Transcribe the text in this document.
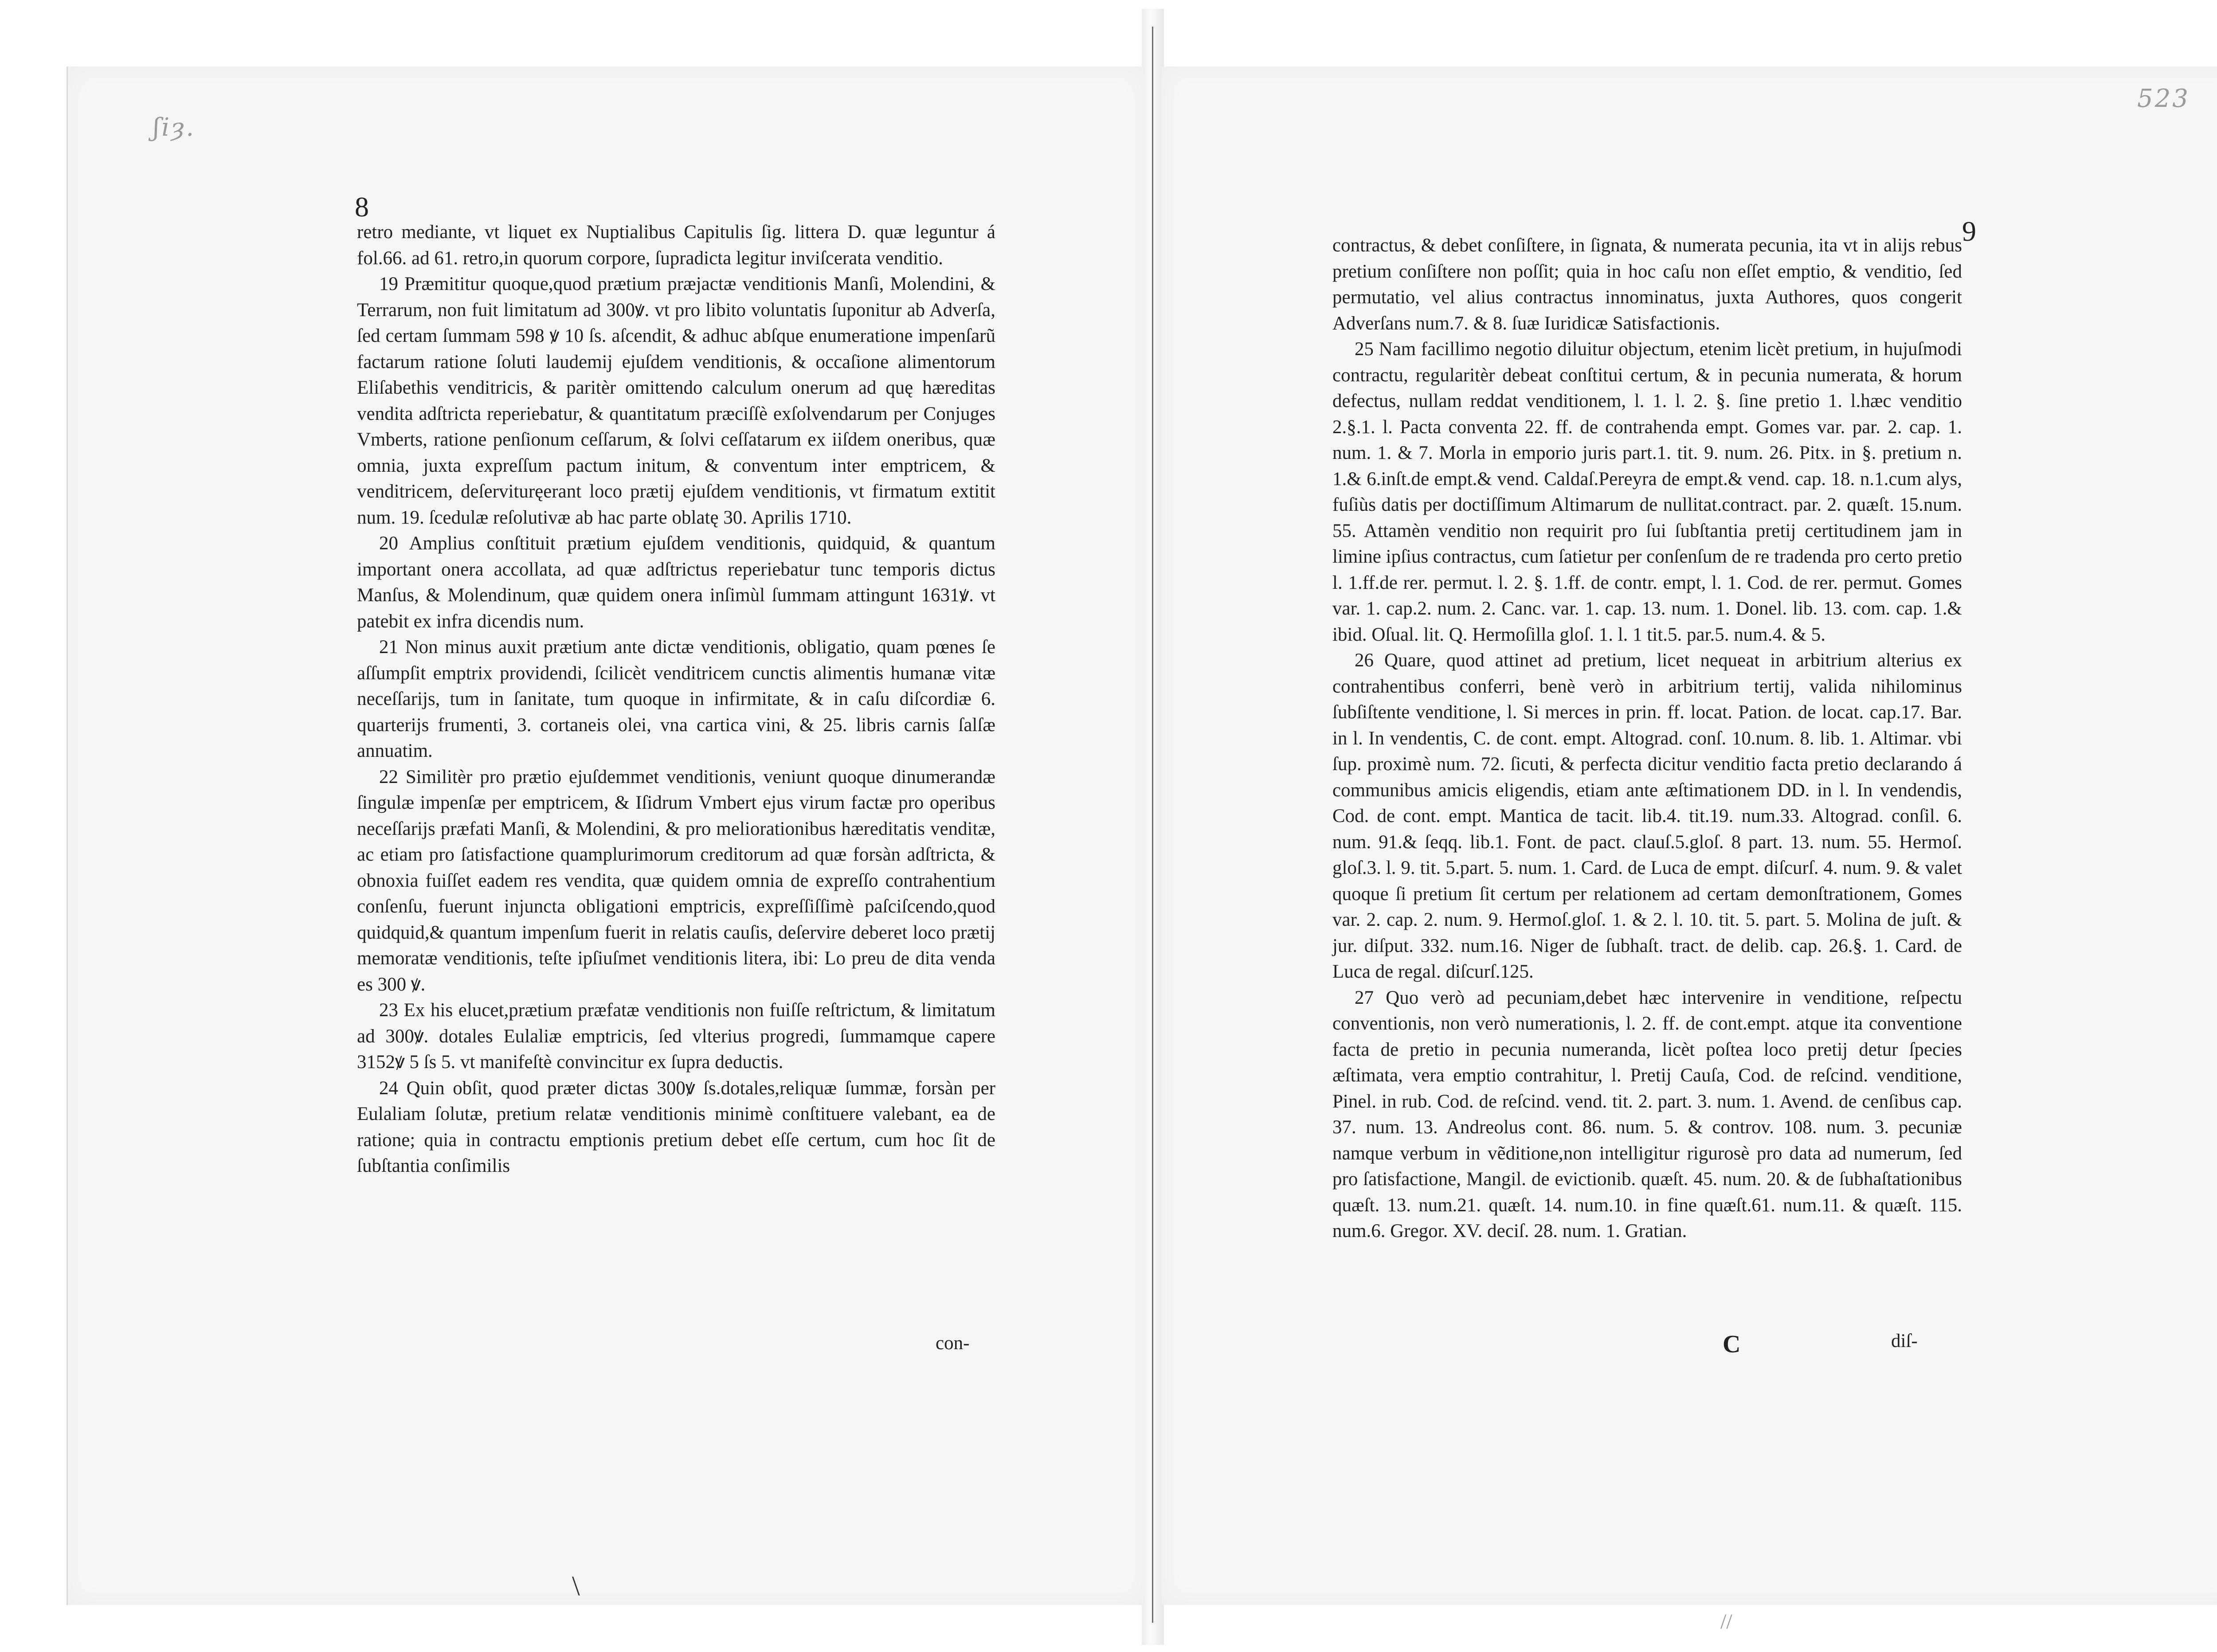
ʃiȝ.
8

retro mediante, vt liquet ex Nuptialibus Capitulis ſig. littera D. quæ leguntur á fol.66. ad 61. retro,in quorum corpore, ſupradicta legitur inviſcerata venditio.

19 Præmititur quoque,quod prætium præjactæ venditionis Manſi, Molendini, & Terrarum, non fuit limitatum ad 300ꝟ. vt pro libito voluntatis ſuponitur ab Adverſa, ſed certam ſummam 598 ꝟ 10 ſs. aſcendit, & adhuc abſque enumeratione impenſarũ factarum ratione ſoluti laudemij ejuſdem venditionis, & occaſione alimentorum Eliſabethis venditricis, & paritèr omittendo calculum onerum ad quę hæreditas vendita adſtricta reperiebatur, & quantitatum præciſſè exſolvendarum per Conjuges Vmberts, ratione penſionum ceſſarum, & ſolvi ceſſatarum ex iiſdem oneribus, quæ omnia, juxta expreſſum pactum initum, & conventum inter emptricem, & venditricem, deſervituręerant loco prætij ejuſdem venditionis, vt firmatum extitit num. 19. ſcedulæ reſolutivæ ab hac parte oblatę 30. Aprilis 1710.

20 Amplius conſtituit prætium ejuſdem venditionis, quidquid, & quantum important onera accollata, ad quæ adſtrictus reperiebatur tunc temporis dictus Manſus, & Molendinum, quæ quidem onera inſimùl ſummam attingunt 1631ꝟ. vt patebit ex infra dicendis num.

21 Non minus auxit prætium ante dictæ venditionis, obligatio, quam pœnes ſe aſſumpſit emptrix providendi, ſcilicèt venditricem cunctis alimentis humanæ vitæ neceſſarijs, tum in ſanitate, tum quoque in infirmitate, & in caſu diſcordiæ 6. quarterijs frumenti, 3. cortaneis olei, vna cartica vini, & 25. libris carnis ſalſæ annuatim.

22 Similitèr pro prætio ejuſdemmet venditionis, veniunt quoque dinumerandæ ſingulæ impenſæ per emptricem, & Iſidrum Vmbert ejus virum factæ pro operibus neceſſarijs præfati Manſi, & Molendini, & pro meliorationibus hæreditatis venditæ, ac etiam pro ſatisfactione quamplurimorum creditorum ad quæ forsàn adſtricta, & obnoxia fuiſſet eadem res vendita, quæ quidem omnia de expreſſo contrahentium conſenſu, fuerunt injuncta obligationi emptricis, expreſſiſſimè paſciſcendo,quod quidquid,& quantum impenſum fuerit in relatis cauſis, deſervire deberet loco prætij memoratæ venditionis, teſte ipſiuſmet venditionis litera, ibi: Lo preu de dita venda es 300 ꝟ.

23 Ex his elucet,prætium præfatæ venditionis non fuiſſe reſtrictum, & limitatum ad 300ꝟ. dotales Eulaliæ emptricis, ſed vlterius progredi, ſummamque capere 3152ꝟ 5 ſs 5. vt manifeſtè convincitur ex ſupra deductis.

24 Quin obſit, quod præter dictas 300ꝟ ſs.dotales,reliquæ ſummæ, forsàn per Eulaliam ſolutæ, pretium relatæ venditionis minimè conſtituere valebant, ea de ratione; quia in contractu emptionis pretium debet eſſe certum, cum hoc ſit de ſubſtantia conſimilis

con-
\
523
9

contractus, & debet conſiſtere, in ſignata, & numerata pecunia, ita vt in alijs rebus pretium conſiſtere non poſſit; quia in hoc caſu non eſſet emptio, & venditio, ſed permutatio, vel alius contractus innominatus, juxta Authores, quos congerit Adverſans num.7. & 8. ſuæ Iuridicæ Satisfactionis.

25 Nam facillimo negotio diluitur objectum, etenim licèt pretium, in hujuſmodi contractu, regularitèr debeat conſtitui certum, & in pecunia numerata, & horum defectus, nullam reddat venditionem, l. 1. l. 2. §. ſine pretio 1. l.hæc venditio 2.§.1. l. Pacta conventa 22. ff. de contrahenda empt. Gomes var. par. 2. cap. 1. num. 1. & 7. Morla in emporio juris part.1. tit. 9. num. 26. Pitx. in §. pretium n. 1.& 6.inſt.de empt.& vend. Caldaſ.Pereyra de empt.& vend. cap. 18. n.1.cum alys, fuſiùs datis per doctiſſimum Altimarum de nullitat.contract. par. 2. quæſt. 15.num. 55. Attamèn venditio non requirit pro ſui ſubſtantia pretij certitudinem jam in limine ipſius contractus, cum ſatietur per conſenſum de re tradenda pro certo pretio l. 1.ff.de rer. permut. l. 2. §. 1.ff. de contr. empt, l. 1. Cod. de rer. permut. Gomes var. 1. cap.2. num. 2. Canc. var. 1. cap. 13. num. 1. Donel. lib. 13. com. cap. 1.& ibid. Oſual. lit. Q. Hermoſilla gloſ. 1. l. 1 tit.5. par.5. num.4. & 5.

26 Quare, quod attinet ad pretium, licet nequeat in arbitrium alterius ex contrahentibus conferri, benè verò in arbitrium tertij, valida nihilominus ſubſiſtente venditione, l. Si merces in prin. ff. locat. Pation. de locat. cap.17. Bar. in l. In vendentis, C. de cont. empt. Altograd. conſ. 10.num. 8. lib. 1. Altimar. vbi ſup. proximè num. 72. ſicuti, & perfecta dicitur venditio facta pretio declarando á communibus amicis eligendis, etiam ante æſtimationem DD. in l. In vendendis, Cod. de cont. empt. Mantica de tacit. lib.4. tit.19. num.33. Altograd. conſil. 6. num. 91.& ſeqq. lib.1. Font. de pact. clauſ.5.gloſ. 8 part. 13. num. 55. Hermoſ. gloſ.3. l. 9. tit. 5.part. 5. num. 1. Card. de Luca de empt. diſcurſ. 4. num. 9. & valet quoque ſi pretium ſit certum per relationem ad certam demonſtrationem, Gomes var. 2. cap. 2. num. 9. Hermoſ.gloſ. 1. & 2. l. 10. tit. 5. part. 5. Molina de juſt. & jur. diſput. 332. num.16. Niger de ſubhaſt. tract. de delib. cap. 26.§. 1. Card. de Luca de regal. diſcurſ.125.

27 Quo verò ad pecuniam,debet hæc intervenire in venditione, reſpectu conventionis, non verò numerationis, l. 2. ff. de cont.empt. atque ita conventione facta de pretio in pecunia numeranda, licèt poſtea loco pretij detur ſpecies æſtimata, vera emptio contrahitur, l. Pretij Cauſa, Cod. de reſcind. venditione, Pinel. in rub. Cod. de reſcind. vend. tit. 2. part. 3. num. 1. Avend. de cenſibus cap. 37. num. 13. Andreolus cont. 86. num. 5. & controv. 108. num. 3. pecuniæ namque verbum in vẽditione,non intelligitur rigurosè pro data ad numerum, ſed pro ſatisfactione, Mangil. de evictionib. quæſt. 45. num. 20. & de ſubhaſtationibus quæſt. 13. num.21. quæſt. 14. num.10. in fine quæſt.61. num.11. & quæſt. 115. num.6. Gregor. XV. deciſ. 28. num. 1. Gratian.

C	diſ-
//
